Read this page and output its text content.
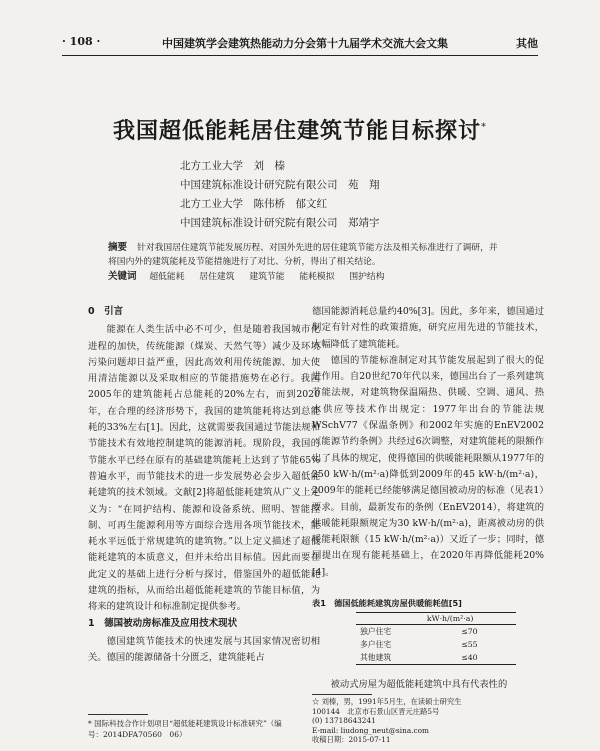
· 108 ·	中国建筑学会建筑热能动力分会第十九届学术交流大会文集	其他
我国超低能耗居住建筑节能目标探讨*
北方工业大学　刘　榛
中国建筑标准设计研究院有限公司　苑　翔
北方工业大学　陈伟桥　郁文红
中国建筑标准设计研究院有限公司　郑靖宇
摘要 针对我国居住建筑节能发展历程、对国外先进的居住建筑节能方法及相关标准进行了调研，并将国内外的建筑能耗及节能措施进行了对比、分析，得出了相关结论。
关键词 超低能耗 居住建筑 建筑节能 能耗模拟 围护结构
0　引言

能源在人类生活中必不可少，但是随着我国城市化进程的加快，传统能源（煤炭、天然气等）减少及环境污染问题却日益严重，因此高效利用传统能源、加大使用清洁能源以及采取相应的节能措施势在必行。我国2005年的建筑能耗占总能耗的20%左右，而到2020年，在合理的经济形势下，我国的建筑能耗将达到总能耗的33%左右[1]。因此，这就需要我国通过节能法规和节能技术有效地控制建筑的能源消耗。现阶段，我国的节能水平已经在原有的基础建筑能耗上达到了节能65%普遍水平，而节能技术的进一步发展势必会步入超低能耗建筑的技术领域。文献[2]将超低能耗建筑从广义上定义为：“在同护结构、能源和设备系统、照明、智能控制、可再生能源利用等方面综合选用各项节能技术，能耗水平远低于常规建筑的建筑物。”以上定义描述了超低能耗建筑的本质意义，但并未给出目标值。因此而要在此定义的基础上进行分析与探讨，借鉴国外的超低能耗建筑的指标，从而给出超低能耗建筑的节能目标值，为将来的建筑设计和标准制定提供参考。

1　德国被动房标准及应用技术现状

德国建筑节能技术的快速发展与其国家情况密切相关。德国的能源储备十分匮乏，建筑能耗占

德国能源消耗总量约40%[3]。因此，多年来，德国通过制定有针对性的政策措施，研究应用先进的节能技术，大幅降低了建筑能耗。

德国的节能标准制定对其节能发展起到了很大的促进作用。自20世纪70年代以来，德国出台了一系列建筑节能法规，对建筑物保温隔热、供暖、空调、通风、热水供应等技术作出规定：1977年出台的节能法规WSchV77《保温条例》和2002年实施的EnEV2002《能源节约条例》共经过6次调整，对建筑能耗的限额作出了具体的规定，使得德国的供暖能耗限额从1977年的250 kW·h/(m²·a)降低到2009年的45 kW·h/(m²·a)，2009年的能耗已经能够满足德国被动房的标准（见表1）要求。目前，最新发布的条例（EnEV2014），将建筑的供暖能耗限额规定为30 kW·h/(m²·a)，距离被动房的供暖能耗限额（15 kW·h/(m²·a)）又近了一步；同时，德国提出在现有能耗基础上，在2020年再降低能耗20%[4]。

表1　德国低能耗建筑房屋供暖能耗值[5]
	kW·h/(m²·a)
独户住宅	≤70
多户住宅	≤55
其他建筑	≤40
被动式房屋为超低能耗建筑中具有代表性的
☆ 刘榛，男，1991年5月生，在读硕士研究生
100144　北京市石景山区晋元庄路5号
(0) 13718643241
E-mail: liudong_neut@sina.com
收稿日期：2015-07-11
* 国际科技合作计划项目“超低能耗建筑设计标准研究”（编
号：2014DFA70560　06）
